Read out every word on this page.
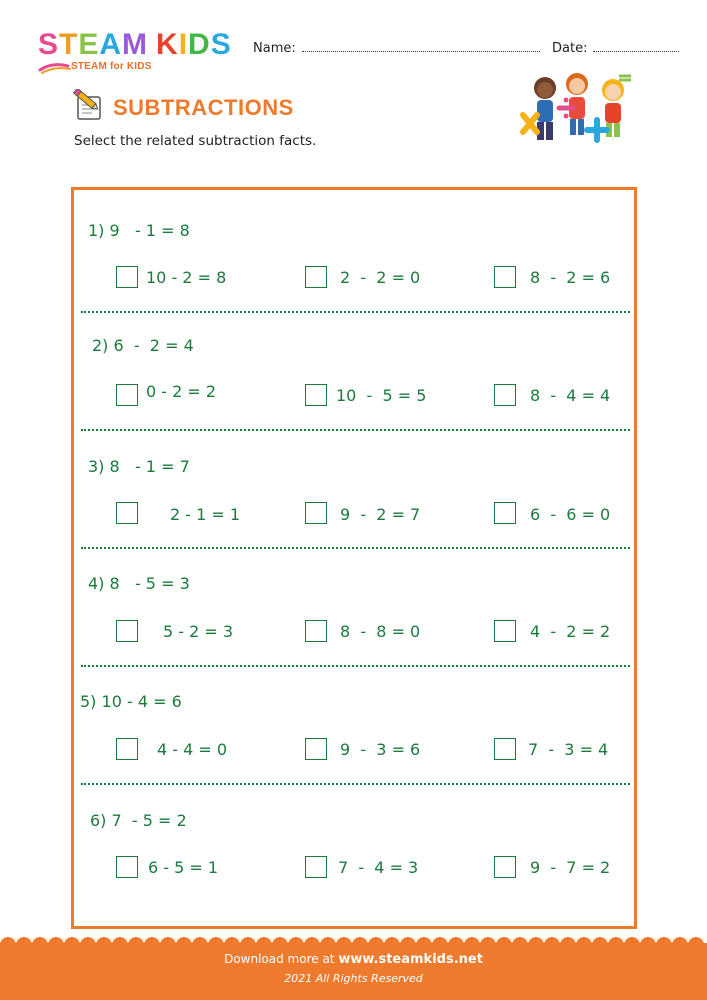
STEAM KIDS
STEAM for KIDS
Name:	Date:
SUBTRACTIONS
Select the related subtraction facts.
1) 9   - 1 = 8
10 - 2 = 8	2  -  2 = 0	8  -  2 = 6
2) 6  -  2 = 4
0 - 2 = 2	10  -  5 = 5	8  -  4 = 4
3) 8   - 1 = 7
2 - 1 = 1	9  -  2 = 7	6  -  6 = 0
4) 8   - 5 = 3
5 - 2 = 3	8  -  8 = 0	4  -  2 = 2
5) 10 - 4 = 6
4 - 4 = 0	9  -  3 = 6	7  -  3 = 4
6) 7  - 5 = 2
6 - 5 = 1	7  -  4 = 3	9  -  7 = 2
Download more at www.steamkids.net
2021 All Rights Reserved
